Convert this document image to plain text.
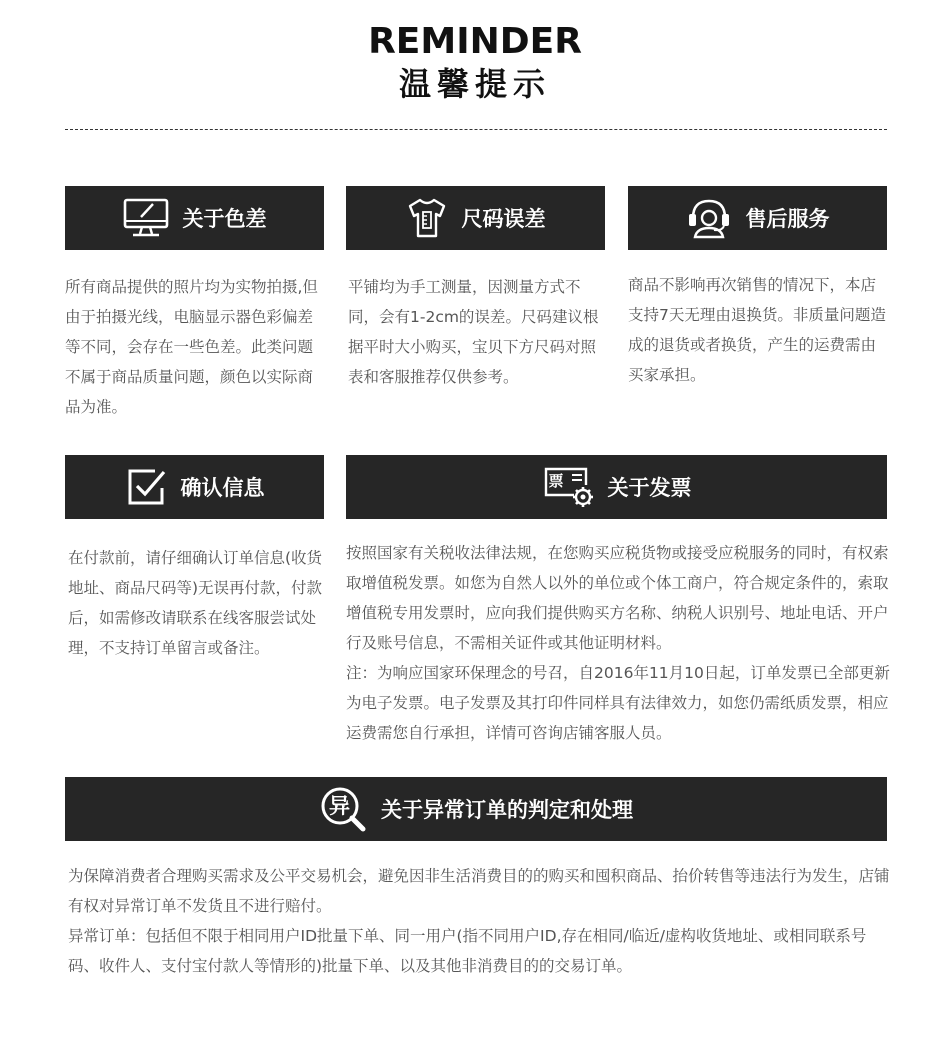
REMINDER
温馨提示
关于色差

所有商品提供的照片均为实物拍摄,但由于拍摄光线，电脑显示器色彩偏差等不同，会存在一些色差。此类问题不属于商品质量问题，颜色以实际商品为准。

尺码误差

平铺均为手工测量，因测量方式不同，会有1-2cm的误差。尺码建议根据平时大小购买，宝贝下方尺码对照表和客服推荐仅供参考。

售后服务

商品不影响再次销售的情况下，本店支持7天无理由退换货。非质量问题造成的退货或者换货，产生的运费需由买家承担。

确认信息

在付款前，请仔细确认订单信息(收货地址、商品尺码等)无误再付款，付款后，如需修改请联系在线客服尝试处理，不支持订单留言或备注。

票 关于发票

按照国家有关税收法律法规，在您购买应税货物或接受应税服务的同时，有权索取增值税发票。如您为自然人以外的单位或个体工商户，符合规定条件的，索取增值税专用发票时，应向我们提供购买方名称、纳税人识别号、地址电话、开户行及账号信息，不需相关证件或其他证明材料。

注：为响应国家环保理念的号召，自2016年11月10日起，订单发票已全部更新为电子发票。电子发票及其打印件同样具有法律效力，如您仍需纸质发票，相应运费需您自行承担，详情可咨询店铺客服人员。

异 关于异常订单的判定和处理

为保障消费者合理购买需求及公平交易机会，避免因非生活消费目的的购买和囤积商品、抬价转售等违法行为发生，店铺有权对异常订单不发货且不进行赔付。

异常订单：包括但不限于相同用户ID批量下单、同一用户(指不同用户ID,存在相同/临近/虚构收货地址、或相同联系号码、收件人、支付宝付款人等情形的)批量下单、以及其他非消费目的的交易订单。
